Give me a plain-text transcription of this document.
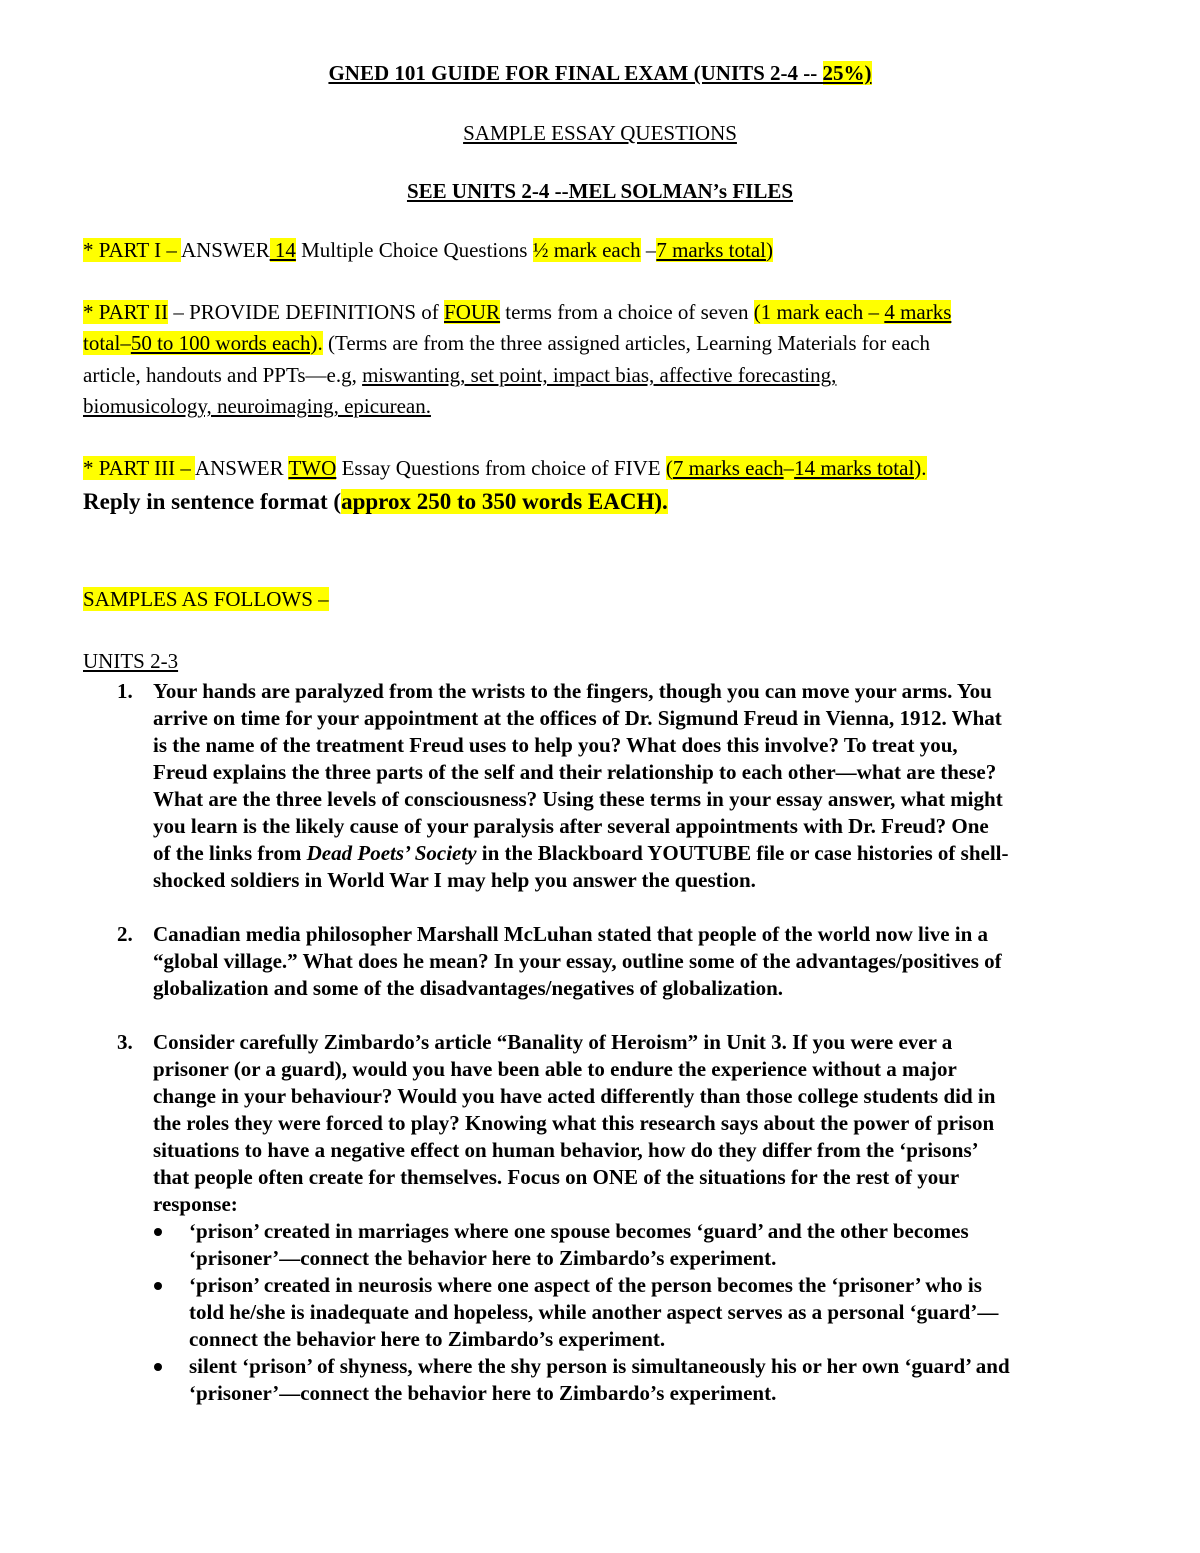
GNED 101 GUIDE FOR FINAL EXAM (UNITS 2-4 -- 25%)
SAMPLE ESSAY QUESTIONS
SEE UNITS 2-4 --MEL SOLMAN’s FILES
* PART I – ANSWER 14 Multiple Choice Questions ½ mark each –7 marks total)
* PART II – PROVIDE DEFINITIONS of FOUR terms from a choice of seven (1 mark each – 4 marks
total–50 to 100 words each). (Terms are from the three assigned articles, Learning Materials for each
article, handouts and PPTs—e.g, miswanting, set point, impact bias, affective forecasting,
biomusicology, neuroimaging, epicurean.
* PART III – ANSWER TWO Essay Questions from choice of FIVE (7 marks each–14 marks total).
Reply in sentence format (approx 250 to 350 words EACH).
SAMPLES AS FOLLOWS –
UNITS 2-3
1. Your hands are paralyzed from the wrists to the fingers, though you can move your arms. You
arrive on time for your appointment at the offices of Dr. Sigmund Freud in Vienna, 1912. What
is the name of the treatment Freud uses to help you? What does this involve? To treat you,
Freud explains the three parts of the self and their relationship to each other—what are these?
What are the three levels of consciousness? Using these terms in your essay answer, what might
you learn is the likely cause of your paralysis after several appointments with Dr. Freud? One
of the links from Dead Poets’ Society in the Blackboard YOUTUBE file or case histories of shell-
shocked soldiers in World War I may help you answer the question.
2. Canadian media philosopher Marshall McLuhan stated that people of the world now live in a
“global village.” What does he mean? In your essay, outline some of the advantages/positives of
globalization and some of the disadvantages/negatives of globalization.
3. Consider carefully Zimbardo’s article “Banality of Heroism” in Unit 3. If you were ever a
prisoner (or a guard), would you have been able to endure the experience without a major
change in your behaviour? Would you have acted differently than those college students did in
the roles they were forced to play? Knowing what this research says about the power of prison
situations to have a negative effect on human behavior, how do they differ from the ‘prisons’
that people often create for themselves. Focus on ONE of the situations for the rest of your
response:
‘prison’ created in marriages where one spouse becomes ‘guard’ and the other becomes
‘prisoner’—connect the behavior here to Zimbardo’s experiment.
‘prison’ created in neurosis where one aspect of the person becomes the ‘prisoner’ who is
told he/she is inadequate and hopeless, while another aspect serves as a personal ‘guard’—
connect the behavior here to Zimbardo’s experiment.
silent ‘prison’ of shyness, where the shy person is simultaneously his or her own ‘guard’ and
‘prisoner’—connect the behavior here to Zimbardo’s experiment.
